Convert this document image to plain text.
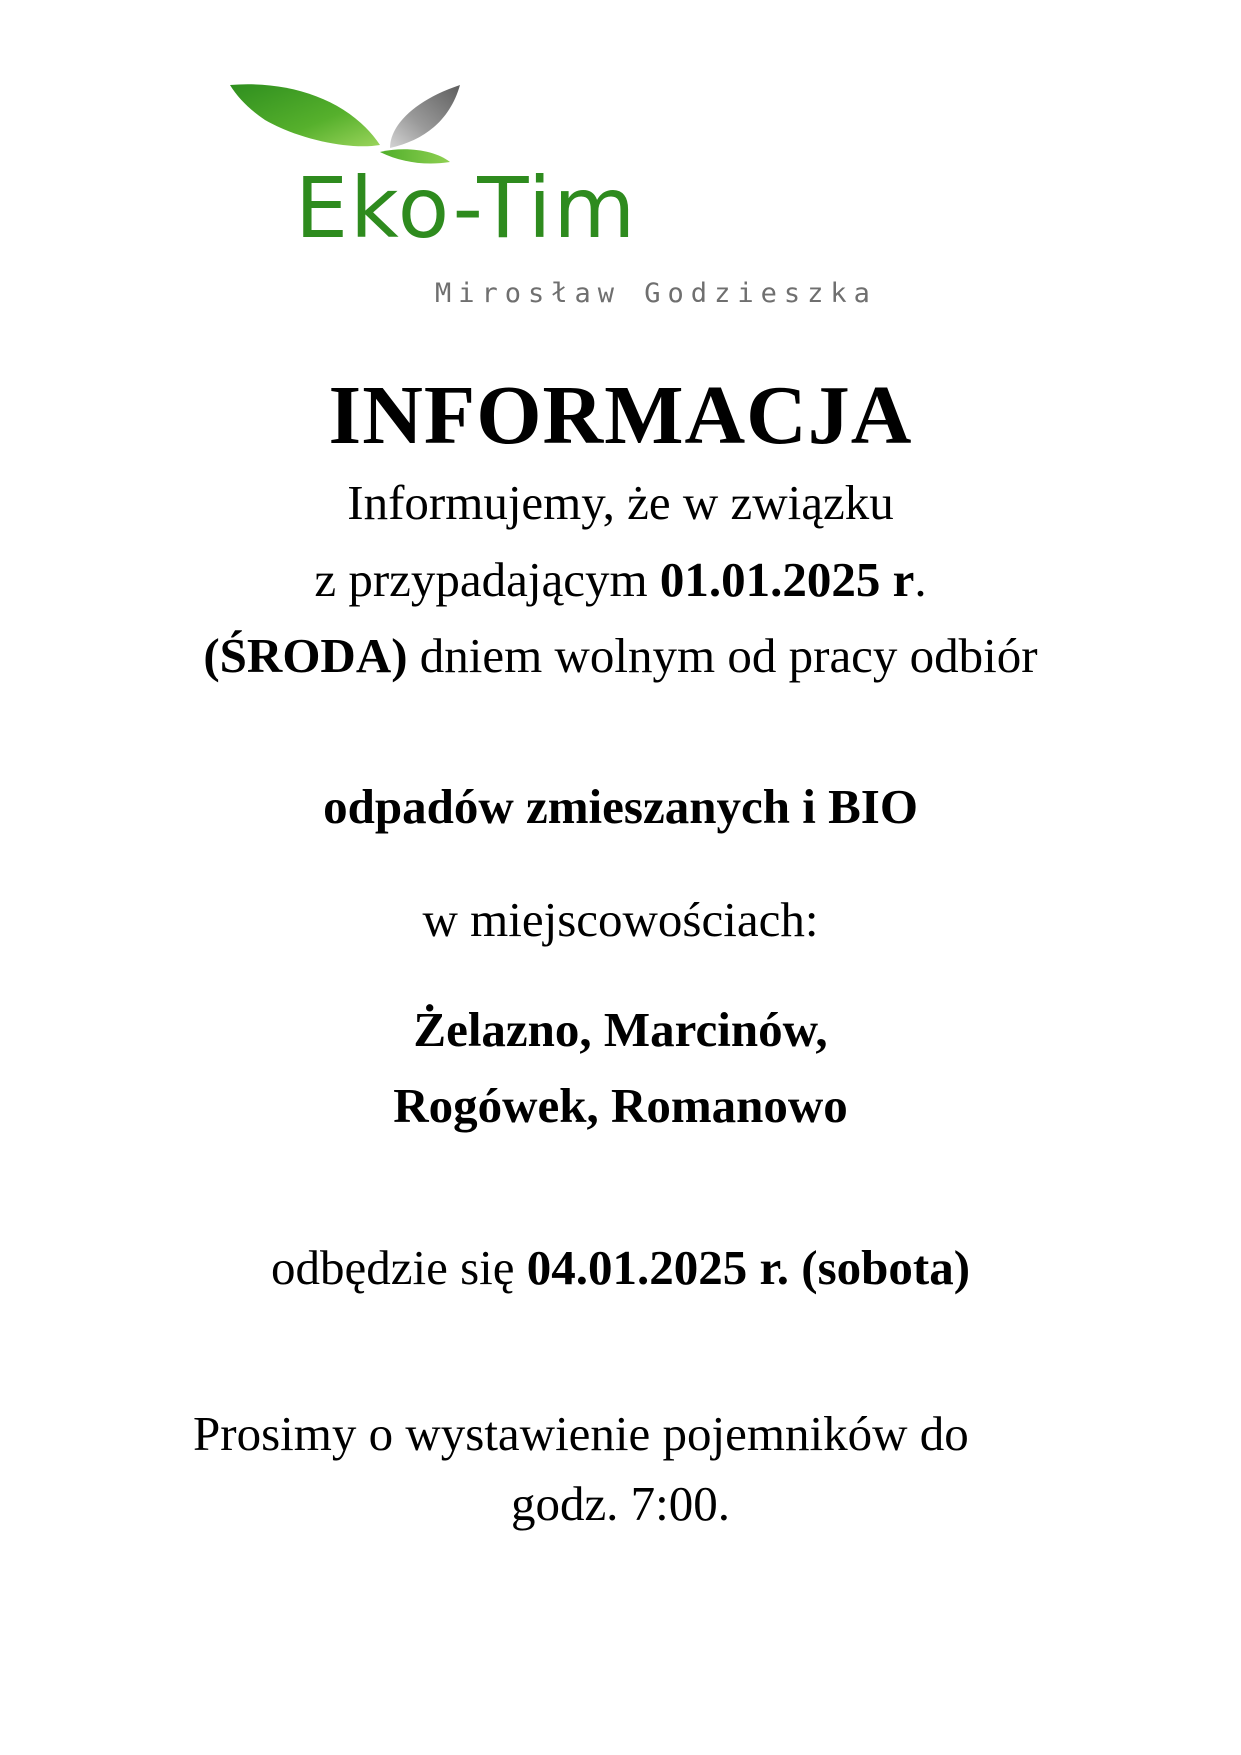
Eko-Tim
Mirosław Godzieszka
INFORMACJA
Informujemy, że w związku
z przypadającym 01.01.2025 r.
(ŚRODA) dniem wolnym od pracy odbiór
odpadów zmieszanych i BIO
w miejscowościach:
Żelazno, Marcinów,
Rogówek, Romanowo
odbędzie się 04.01.2025 r. (sobota)
Prosimy o wystawienie pojemników do
godz. 7:00.
